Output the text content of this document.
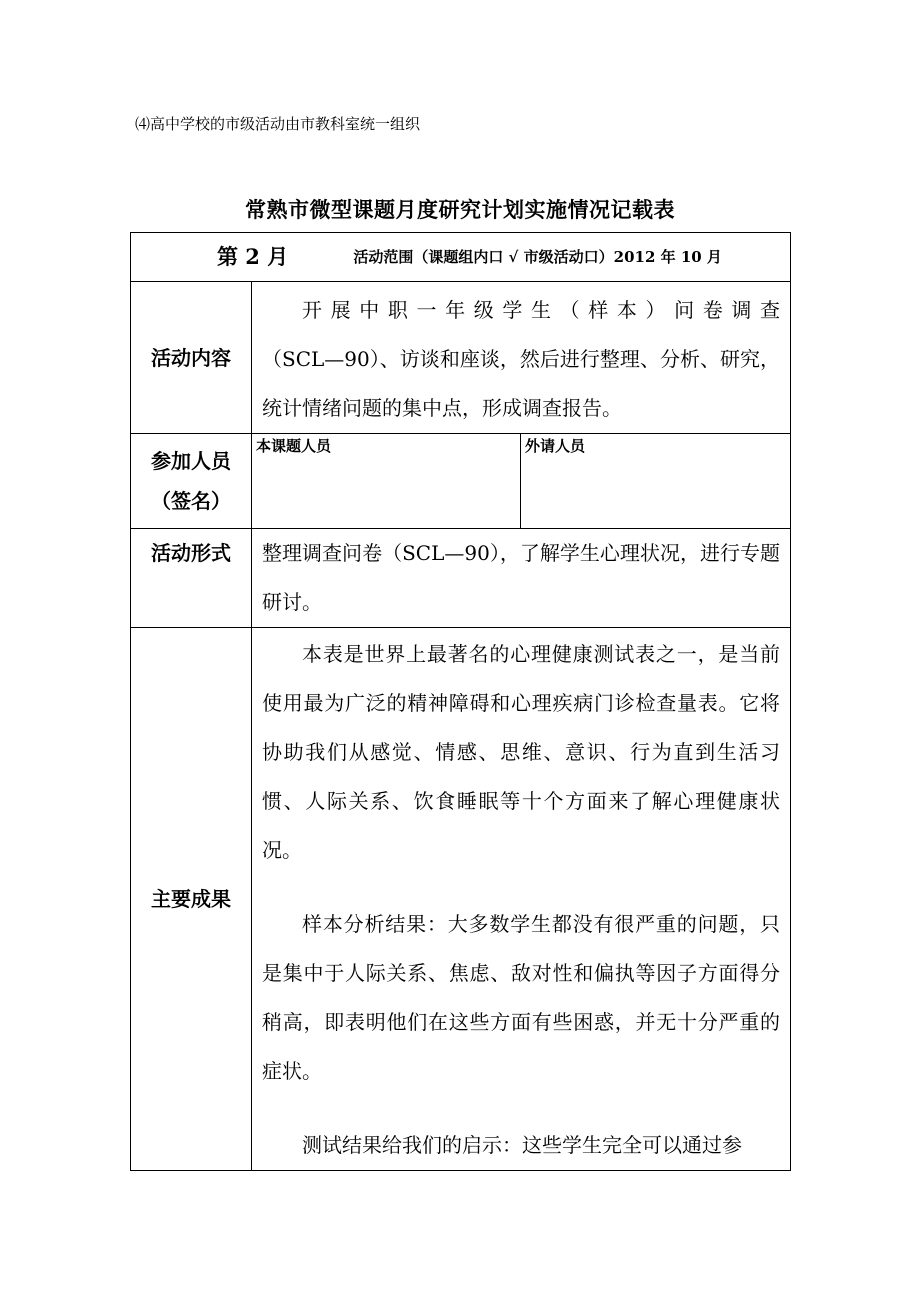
⑷高中学校的市级活动由市教科室统一组织
常熟市微型课题月度研究计划实施情况记载表
第 2 月 活动范围（课题组内口 √ 市级活动口）2012 年 10 月		
活动内容	开展中职一年级学生（样本）问卷调查
（SCL—90）、访谈和座谈，然后进行整理、分析、研究，
统计情绪问题的集中点，形成调查报告。	

参加人员
（签名）	本课题人员	外请人员
活动形式	整理调查问卷（SCL—90），了解学生心理状况，进行专题研讨。	

主要成果	本表是世界上最著名的心理健康测试表之一，是当前使用最为广泛的精神障碍和心理疾病门诊检查量表。它将协助我们从感觉、情感、思维、意识、行为直到生活习惯、人际关系、饮食睡眠等十个方面来了解心理健康状况。

样本分析结果：大多数学生都没有很严重的问题，只是集中于人际关系、焦虑、敌对性和偏执等因子方面得分稍高，即表明他们在这些方面有些困惑，并无十分严重的症状。

测试结果给我们的启示：这些学生完全可以通过参	
